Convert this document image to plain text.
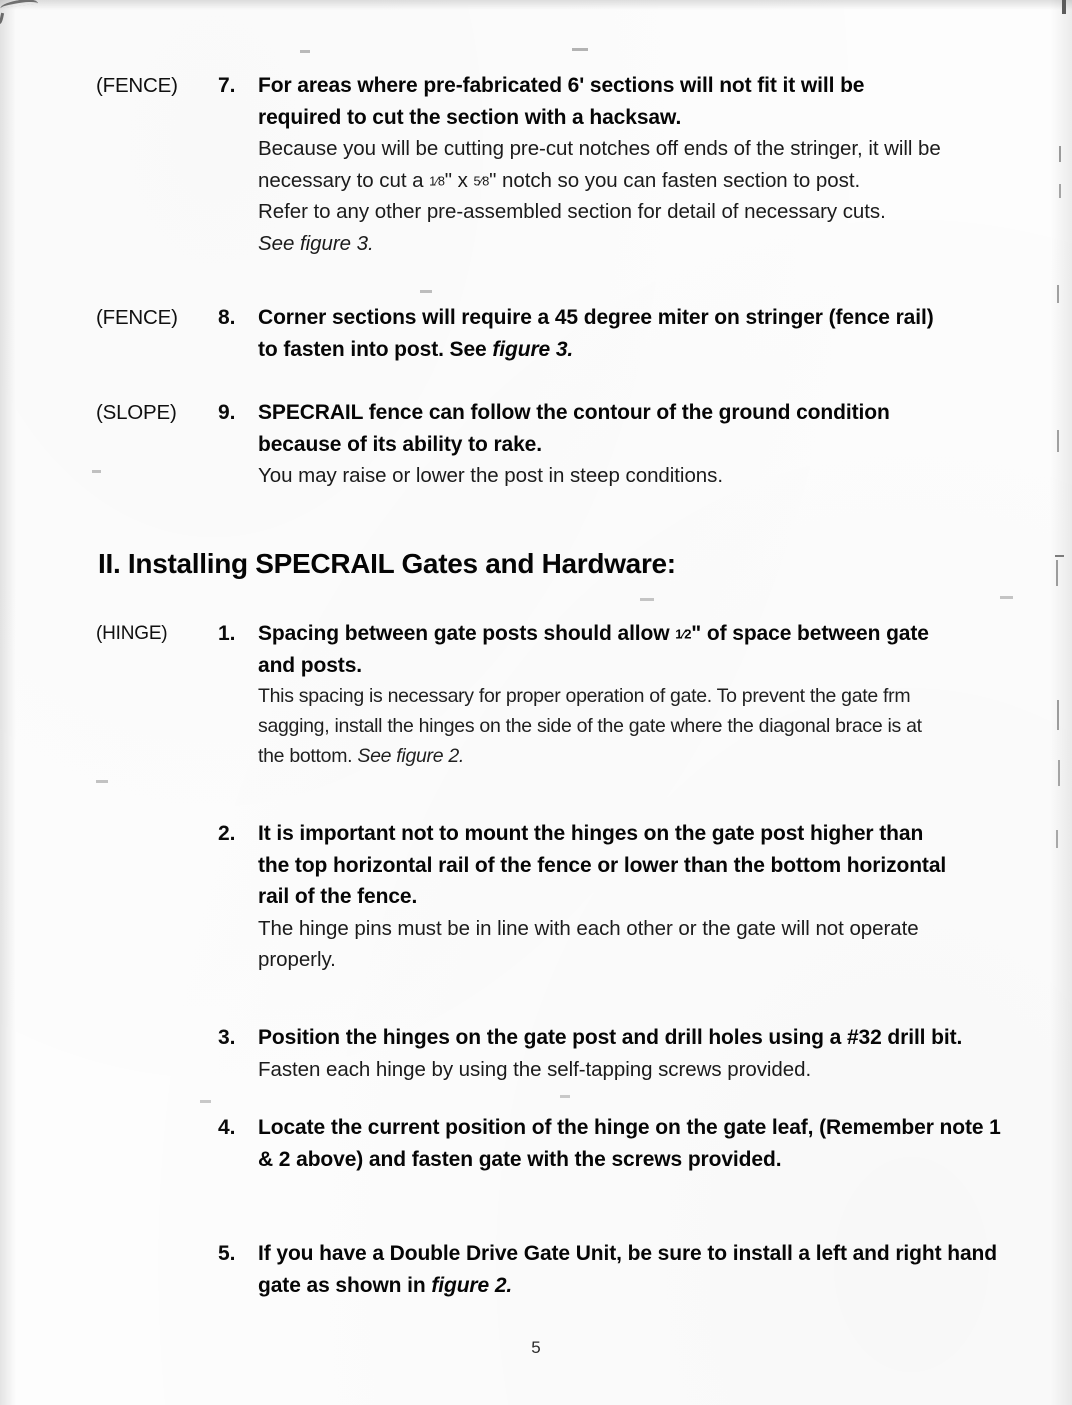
(FENCE)	7.	For areas where pre-fabricated 6' sections will not fit it will be
required to cut the section with a hacksaw.
Because you will be cutting pre-cut notches off ends of the stringer, it will be
necessary to cut a 1⁄8" x 5⁄8" notch so you can fasten section to post.
Refer to any other pre-assembled section for detail of necessary cuts.
See figure 3.
(FENCE)	8.	Corner sections will require a 45 degree miter on stringer (fence rail)
to fasten into post. See figure 3.
(SLOPE)	9.	SPECRAIL fence can follow the contour of the ground condition
because of its ability to rake.
You may raise or lower the post in steep conditions.
II. Installing SPECRAIL Gates and Hardware:
(HINGE)	1.	Spacing between gate posts should allow 1⁄2" of space between gate
and posts.
This spacing is necessary for proper operation of gate. To prevent the gate frm
sagging, install the hinges on the side of the gate where the diagonal brace is at
the bottom. See figure 2.
2.	It is important not to mount the hinges on the gate post higher than
the top horizontal rail of the fence or lower than the bottom horizontal
rail of the fence.
The hinge pins must be in line with each other or the gate will not operate
properly.
3.	Position the hinges on the gate post and drill holes using a #32 drill bit.
Fasten each hinge by using the self-tapping screws provided.
4.	Locate the current position of the hinge on the gate leaf, (Remember note 1
& 2 above) and fasten gate with the screws provided.
5.	If you have a Double Drive Gate Unit, be sure to install a left and right hand
gate as shown in figure 2.
5
